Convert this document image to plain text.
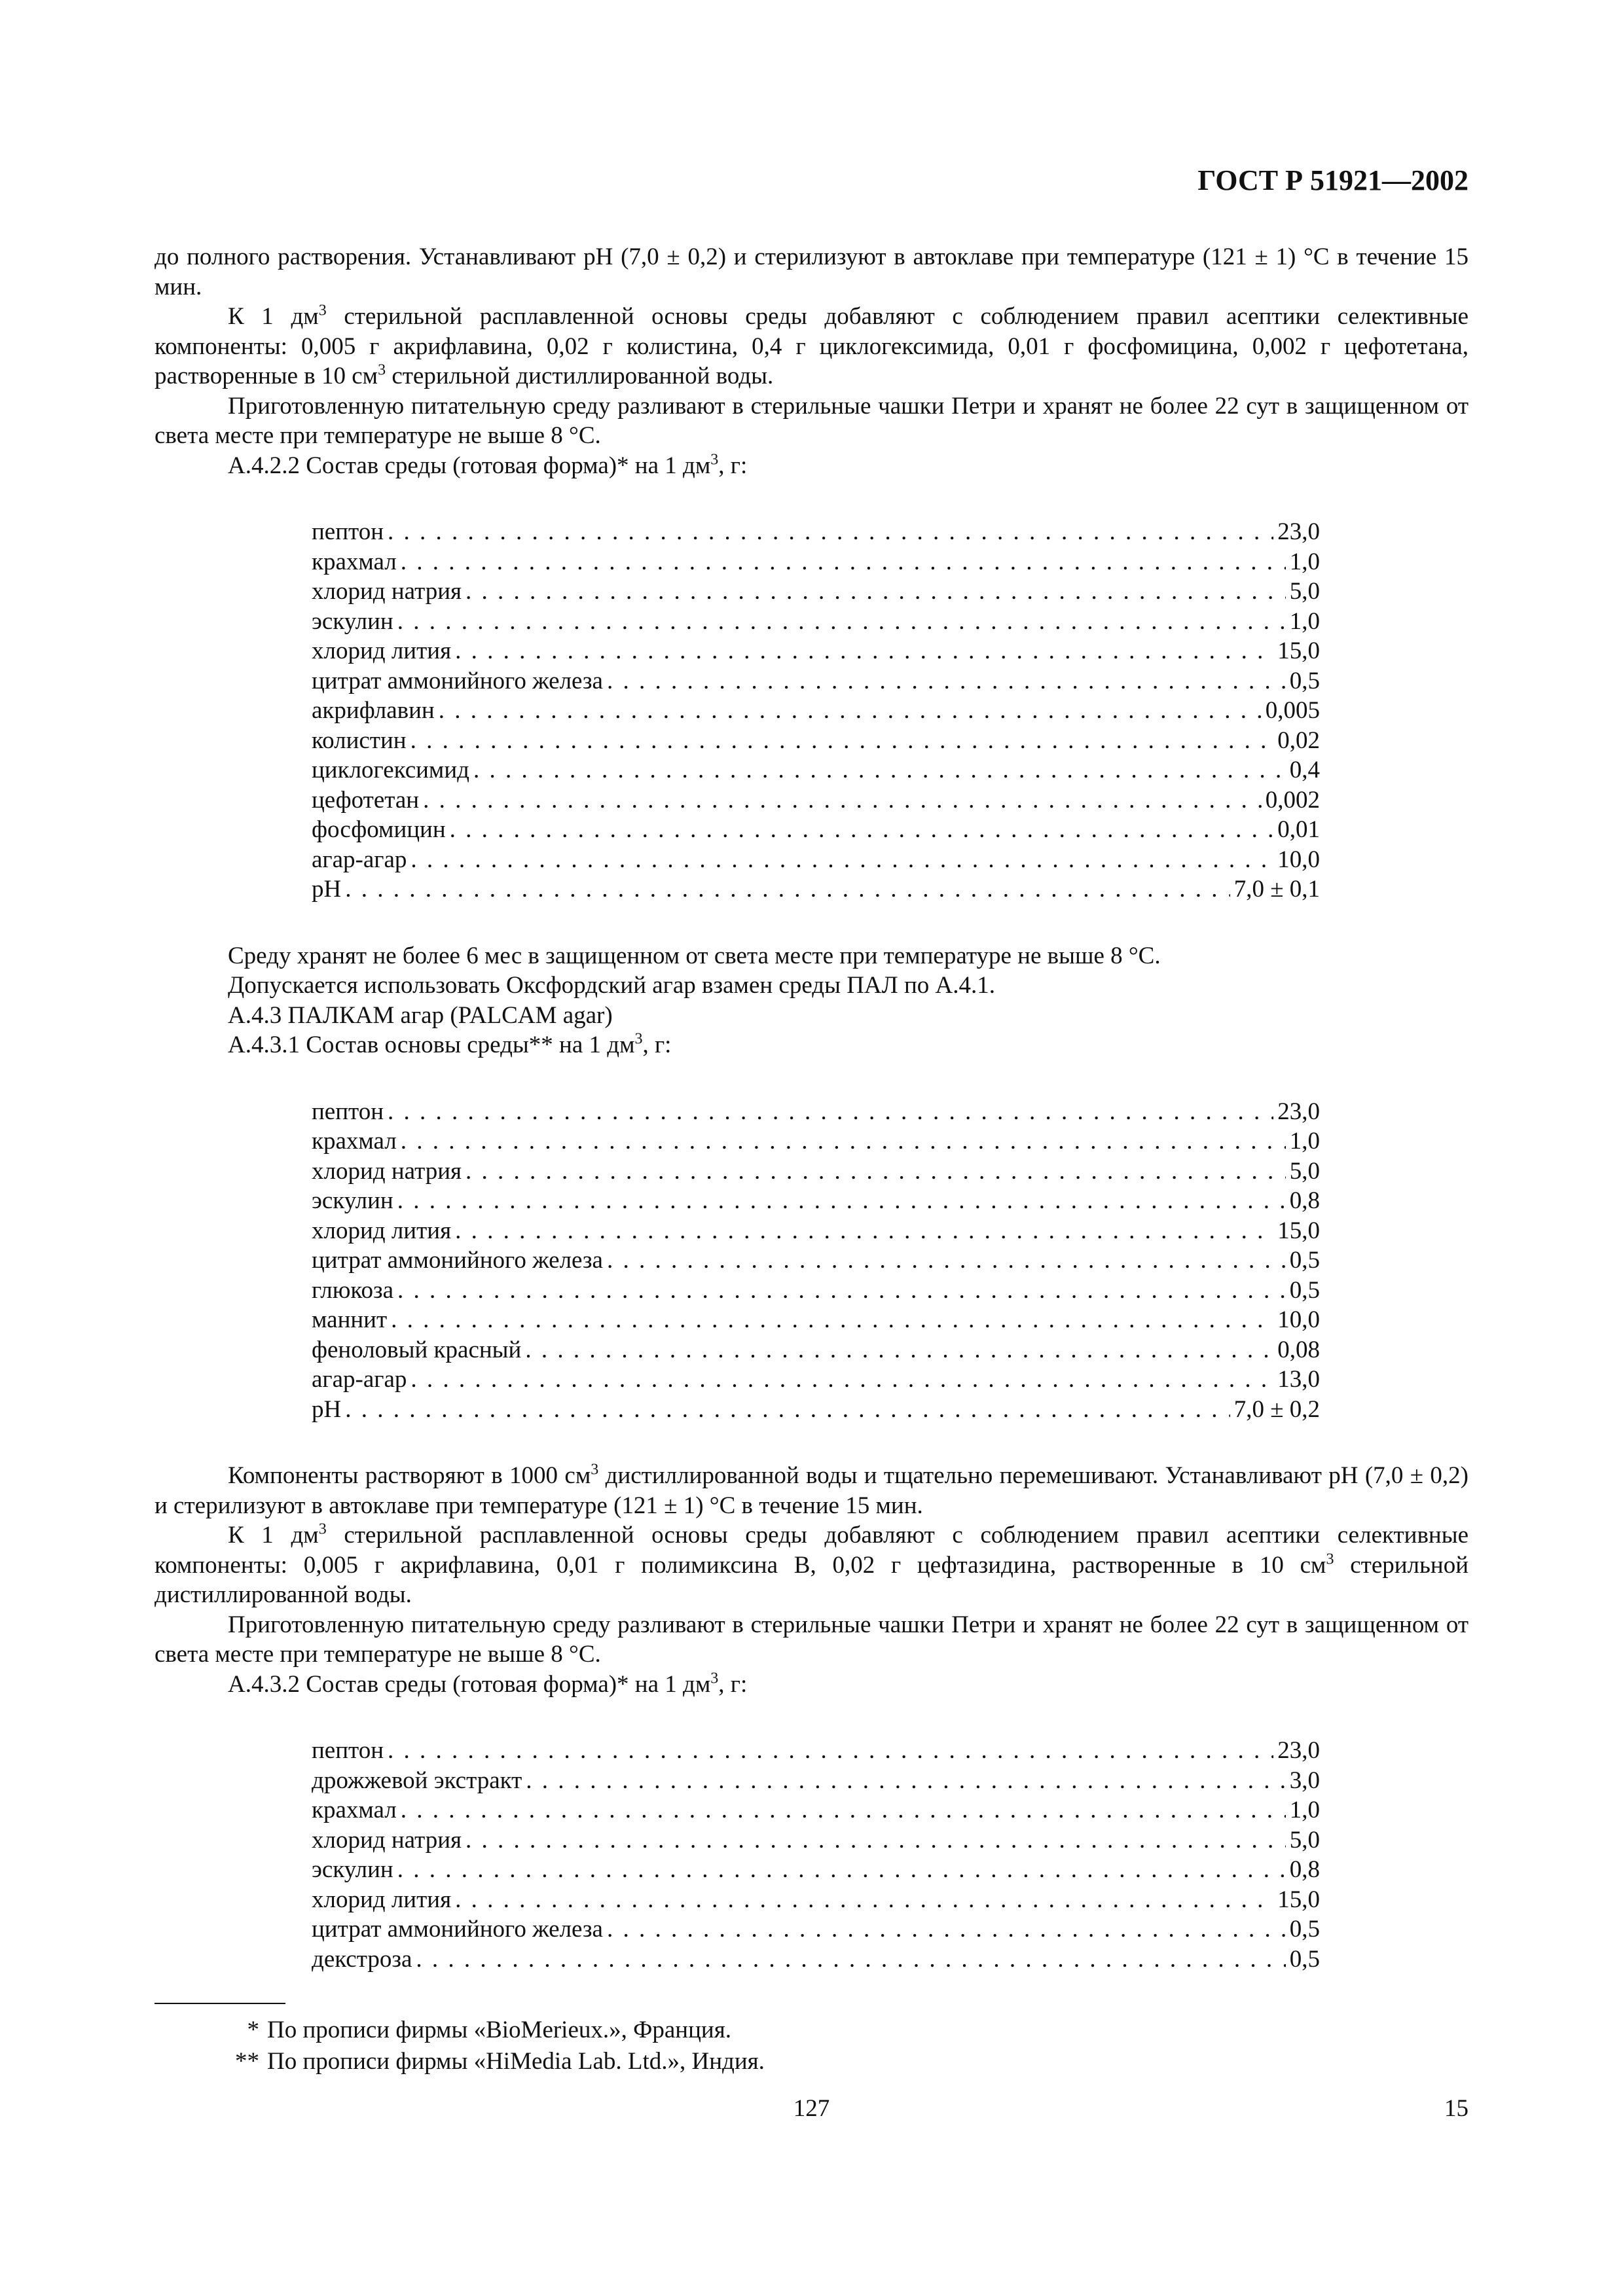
ГОСТ Р 51921—2002

до полного растворения. Устанавливают pH (7,0 ± 0,2) и стерилизуют в автоклаве при температуре (121 ± 1) °С в течение 15 мин.

К 1 $дм^3$ стерильной расплавленной основы среды добавляют с соблюдением правил асептики селективные компоненты: 0,005 г акрифлавина, 0,02 г колистина, 0,4 г циклогексимида, 0,01 г фосфомицина, 0,002 г цефотетана, растворенные в 10 $см^3$ стерильной дистиллированной воды.

Приготовленную питательную среду разливают в стерильные чашки Петри и хранят не более 22 сут в защищенном от света месте при температуре не выше 8 °С.

А.4.2.2 Состав среды (готовая форма)* на 1 $дм^3$, г:

пептон . . .	23,0
крахмал . . .	1,0
хлорид натрия . . .	5,0
эскулин . . .	1,0
хлорид лития . . .	15,0
цитрат аммонийного железа . . .	0,5
акрифлавин . . .	0,005
колистин . . .	0,02
циклогексимид . . .	0,4
цефотетан . . .	0,002
фосфомицин . . .	0,01
агар-агар . . .	10,0
pH . . .	7,0 ± 0,1

Среду хранят не более 6 мес в защищенном от света месте при температуре не выше 8 °С.

Допускается использовать Оксфордский агар взамен среды ПАЛ по А.4.1.

А.4.3 ПАЛКАМ агар (PALCAM agar)

А.4.3.1 Состав основы среды** на 1 $дм^3$, г:

пептон . . .	23,0
крахмал . . .	1,0
хлорид натрия . . .	5,0
эскулин . . .	0,8
хлорид лития . . .	15,0
цитрат аммонийного железа . . .	0,5
глюкоза . . .	0,5
маннит . . .	10,0
феноловый красный . . .	0,08
агар-агар . . .	13,0
pH . . .	7,0 ± 0,2

Компоненты растворяют в 1000 $см^3$ дистиллированной воды и тщательно перемешивают. Устанавливают pH (7,0 ± 0,2) и стерилизуют в автоклаве при температуре (121 ± 1) °С в течение 15 мин.

К 1 $дм^3$ стерильной расплавленной основы среды добавляют с соблюдением правил асептики селективные компоненты: 0,005 г акрифлавина, 0,01 г полимиксина В, 0,02 г цефтазидина, растворенные в 10 $см^3$ стерильной дистиллированной воды.

Приготовленную питательную среду разливают в стерильные чашки Петри и хранят не более 22 сут в защищенном от света месте при температуре не выше 8 °С.

А.4.3.2 Состав среды (готовая форма)* на 1 $дм^3$, г:

пептон . . .	23,0
дрожжевой экстракт . . .	3,0
крахмал . . .	1,0
хлорид натрия . . .	5,0
эскулин . . .	0,8
хлорид лития . . .	15,0
цитрат аммонийного железа . . .	0,5
декстроза . . .	0,5
* По прописи фирмы «BioMerieux.», Франция.
** По прописи фирмы «HiMedia Lab. Ltd.», Индия.
127	15
